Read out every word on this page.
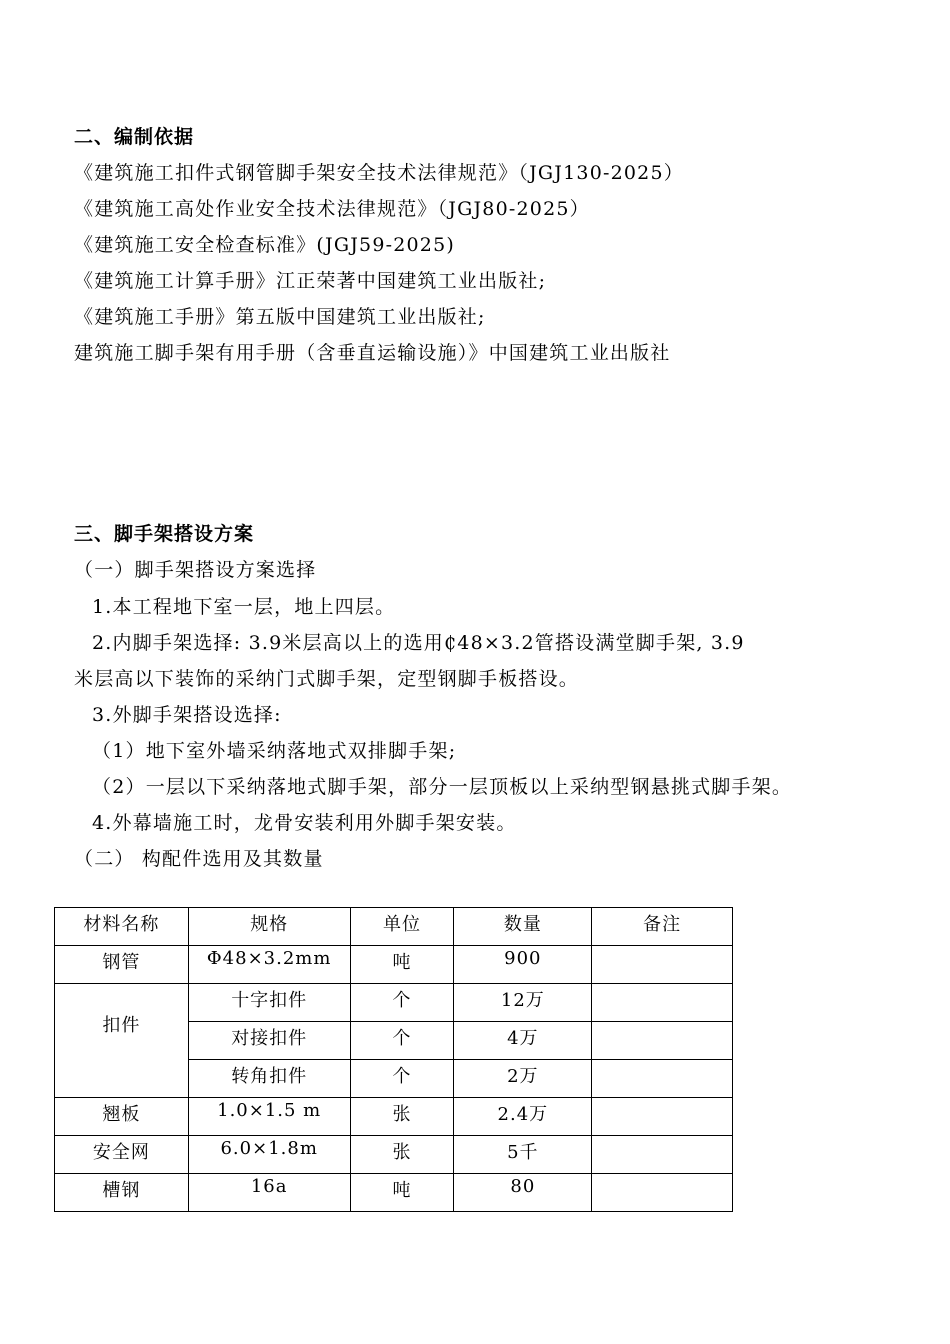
二、编制依据
《建筑施工扣件式钢管脚手架安全技术法律规范》（JGJ130-2025）
《建筑施工高处作业安全技术法律规范》（JGJ80-2025）
《建筑施工安全检查标准》(JGJ59-2025)
《建筑施工计算手册》江正荣著中国建筑工业出版社;
《建筑施工手册》第五版中国建筑工业出版社;
建筑施工脚手架有用手册（含垂直运输设施）》中国建筑工业出版社
三、脚手架搭设方案
（一）脚手架搭设方案选择
1.本工程地下室一层，地上四层。
2.内脚手架选择: 3.9米层高以上的选用₵48×3.2管搭设满堂脚手架, 3.9
米层高以下装饰的采纳门式脚手架，定型钢脚手板搭设。
3.外脚手架搭设选择:
（1）地下室外墙采纳落地式双排脚手架;
（2）一层以下采纳落地式脚手架，部分一层顶板以上采纳型钢悬挑式脚手架。
4.外幕墙施工时，龙骨安装利用外脚手架安装。
（二） 构配件选用及其数量
材料名称	规格	单位	数量	备注
钢管	Φ48×3.2mm	吨	900	
扣件	十字扣件	个	12万	
	对接扣件	个	4万	
	转角扣件	个	2万	
翘板	1.0×1.5 m	张	2.4万	
安全网	6.0×1.8m	张	5千	
槽钢	16a	吨	80	
